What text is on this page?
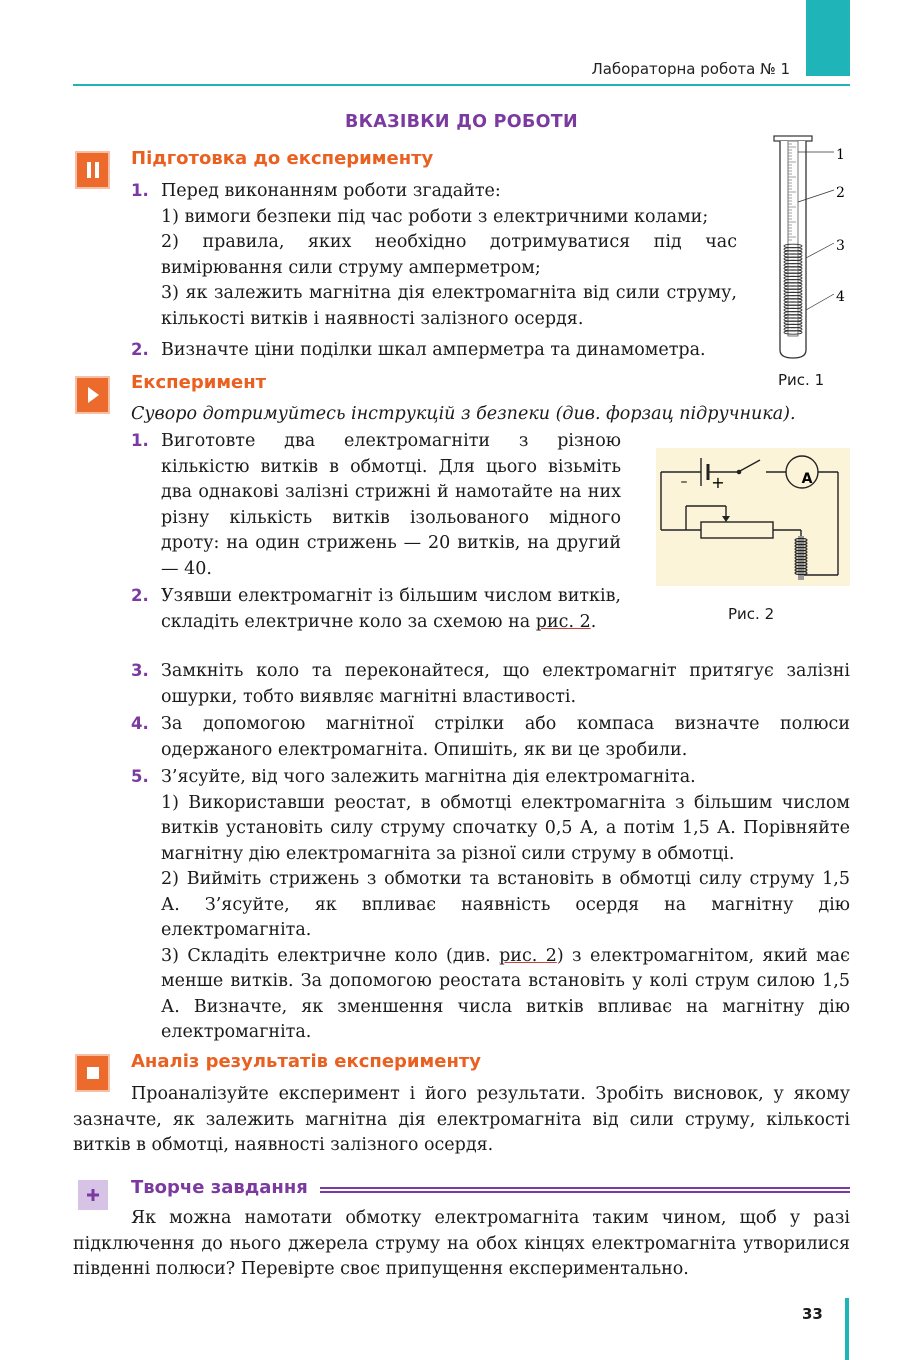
Лабораторна робота № 1
ВКАЗІВКИ ДО РОБОТИ
Підготовка до експерименту
1. Перед виконанням роботи згадайте:

1) вимоги безпеки під час роботи з електричними колами;

2) правила, яких необхідно дотримуватися під час вимірювання сили струму амперметром;

3) як залежить магнітна дія електромагніта від сили струму, кількості витків і наявності залізного осердя.

2. Визначте ціни поділки шкал амперметра та динамометра.
1
2
3
4
Рис. 1
Експеримент
Суворо дотримуйтесь інструкцій з безпеки (див. форзац підручника).
1. Виготовте два електромагніти з різною кількістю витків в обмотці. Для цього візьміть два однакові залізні стрижні й намотайте на них різну кількість витків ізольованого мідного дроту: на один стрижень — 20 витків, на другий — 40.
2. Узявши електромагніт із більшим числом витків, складіть електричне коло за схемою на рис. 2.
A
– +
Рис. 2
3. Замкніть коло та переконайтеся, що електромагніт притягує залізні ошурки, тобто виявляє магнітні властивості.
4. За допомогою магнітної стрілки або компаса визначте полюси одержаного електромагніта. Опишіть, як ви це зробили.
5. З’ясуйте, від чого залежить магнітна дія електромагніта.

1) Використавши реостат, в обмотці електромагніта з більшим числом витків установіть силу струму спочатку 0,5 А, а потім 1,5 А. Порівняйте магнітну дію електромагніта за різної сили струму в обмотці.

2) Вийміть стрижень з обмотки та встановіть в обмотці силу струму 1,5 А. З’ясуйте, як впливає наявність осердя на магнітну дію електромагніта.

3) Складіть електричне коло (див. рис. 2) з електромагнітом, який має менше витків. За допомогою реостата встановіть у колі струм силою 1,5 А. Визначте, як зменшення числа витків впливає на магнітну дію електромагніта.

Аналіз результатів експерименту
Проаналізуйте експеримент і його результати. Зробіть висновок, у якому зазначте, як залежить магнітна дія електромагніта від сили струму, кількості витків в обмотці, наявності залізного осердя.
Творче завдання
Як можна намотати обмотку електромагніта таким чином, щоб у разі підключення до нього джерела струму на обох кінцях електромагніта утворилися південні полюси? Перевірте своє припущення експериментально.
33
